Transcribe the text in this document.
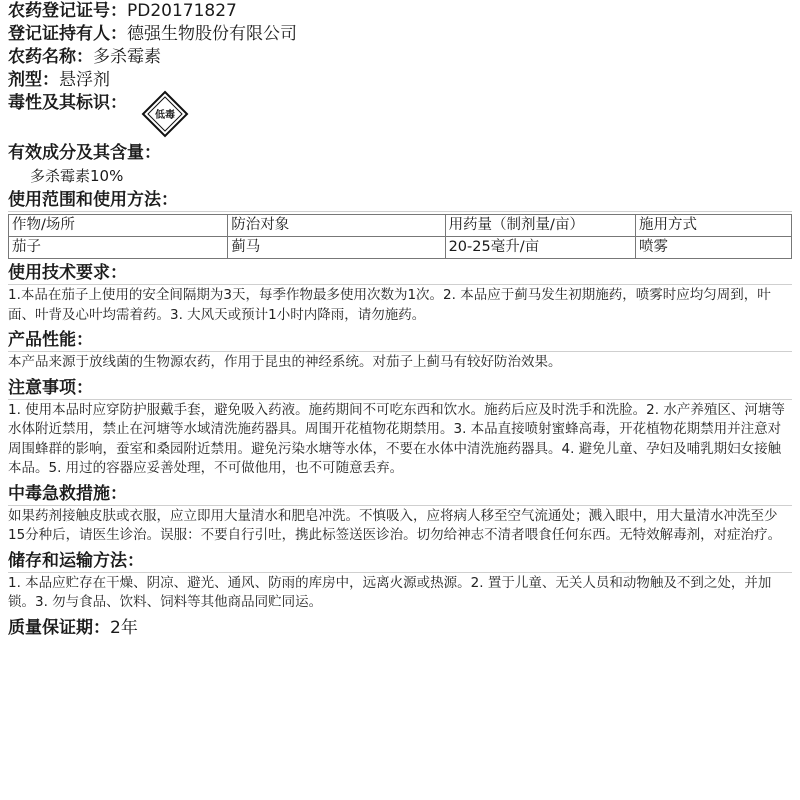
农药登记证号：PD20171827
登记证持有人：德强生物股份有限公司
农药名称：多杀霉素
剂型：悬浮剂
毒性及其标识：
低毒
有效成分及其含量：
多杀霉素10%
使用范围和使用方法：
作物/场所	防治对象	用药量（制剂量/亩）	施用方式
茄子	蓟马	20-25毫升/亩	喷雾
使用技术要求：
1.本品在茄子上使用的安全间隔期为3天，每季作物最多使用次数为1次。2. 本品应于蓟马发生初期施药，喷雾时应均匀周到，叶面、叶背及心叶均需着药。3. 大风天或预计1小时内降雨，请勿施药。
产品性能：
本产品来源于放线菌的生物源农药，作用于昆虫的神经系统。对茄子上蓟马有较好防治效果。
注意事项：
1. 使用本品时应穿防护服戴手套，避免吸入药液。施药期间不可吃东西和饮水。施药后应及时洗手和洗脸。2. 水产养殖区、河塘等水体附近禁用，禁止在河塘等水域清洗施药器具。周围开花植物花期禁用。3. 本品直接喷射蜜蜂高毒，开花植物花期禁用并注意对周围蜂群的影响，蚕室和桑园附近禁用。避免污染水塘等水体，不要在水体中清洗施药器具。4. 避免儿童、孕妇及哺乳期妇女接触本品。5. 用过的容器应妥善处理，不可做他用，也不可随意丢弃。
中毒急救措施：
如果药剂接触皮肤或衣服，应立即用大量清水和肥皂冲洗。不慎吸入，应将病人移至空气流通处；溅入眼中，用大量清水冲洗至少15分种后，请医生诊治。误服：不要自行引吐，携此标签送医诊治。切勿给神志不清者喂食任何东西。无特效解毒剂，对症治疗。
储存和运输方法：
1. 本品应贮存在干燥、阴凉、避光、通风、防雨的库房中，远离火源或热源。2. 置于儿童、无关人员和动物触及不到之处，并加锁。3. 勿与食品、饮料、饲料等其他商品同贮同运。
质量保证期：2年
